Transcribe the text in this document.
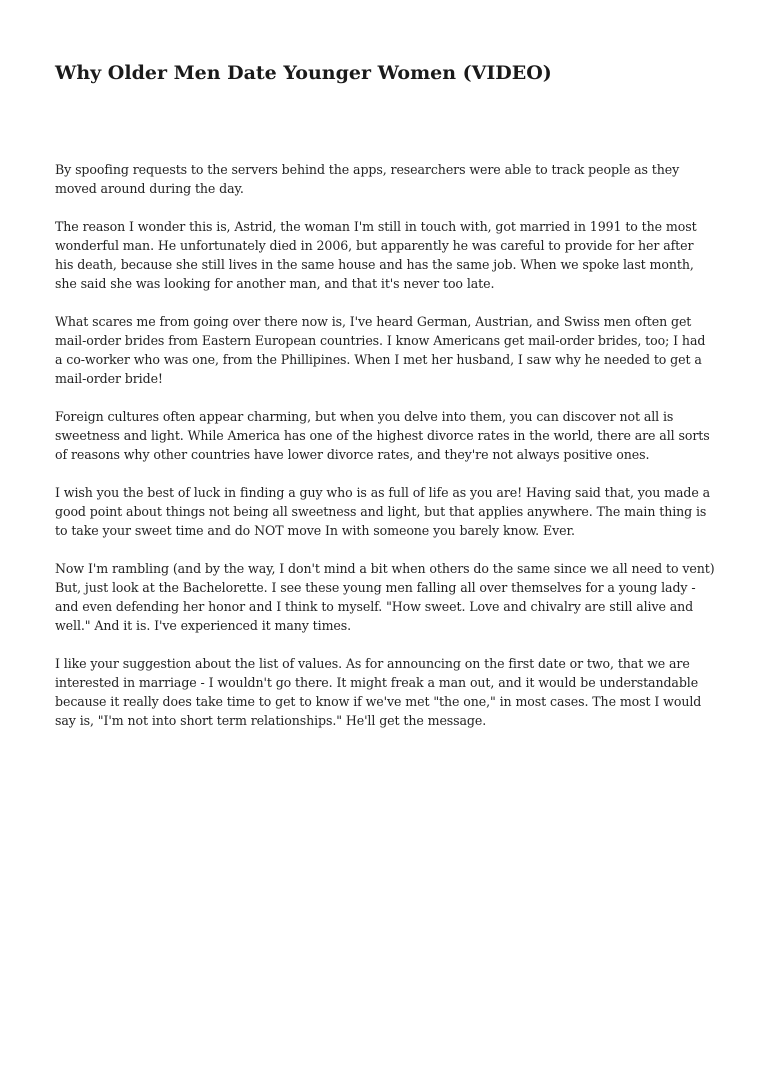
Why Older Men Date Younger Women (VIDEO)

By spoofing requests to the servers behind the apps, researchers were able to track people as they moved around during the day.

The reason I wonder this is, Astrid, the woman I'm still in touch with, got married in 1991 to the most wonderful man. He unfortunately died in 2006, but apparently he was careful to provide for her after his death, because she still lives in the same house and has the same job. When we spoke last month, she said she was looking for another man, and that it's never too late.

What scares me from going over there now is, I've heard German, Austrian, and Swiss men often get mail-order brides from Eastern European countries. I know Americans get mail-order brides, too; I had a co-worker who was one, from the Phillipines. When I met her husband, I saw why he needed to get a mail-order bride!

Foreign cultures often appear charming, but when you delve into them, you can discover not all is sweetness and light. While America has one of the highest divorce rates in the world, there are all sorts of reasons why other countries have lower divorce rates, and they're not always positive ones.

I wish you the best of luck in finding a guy who is as full of life as you are! Having said that, you made a good point about things not being all sweetness and light, but that applies anywhere. The main thing is to take your sweet time and do NOT move In with someone you barely know. Ever.

Now I'm rambling (and by the way, I don't mind a bit when others do the same since we all need to vent) But, just look at the Bachelorette. I see these young men falling all over themselves for a young lady - and even defending her honor and I think to myself. "How sweet. Love and chivalry are still alive and well." And it is. I've experienced it many times.

I like your suggestion about the list of values. As for announcing on the first date or two, that we are interested in marriage - I wouldn't go there. It might freak a man out, and it would be understandable because it really does take time to get to know if we've met "the one," in most cases. The most I would say is, "I'm not into short term relationships." He'll get the message.
